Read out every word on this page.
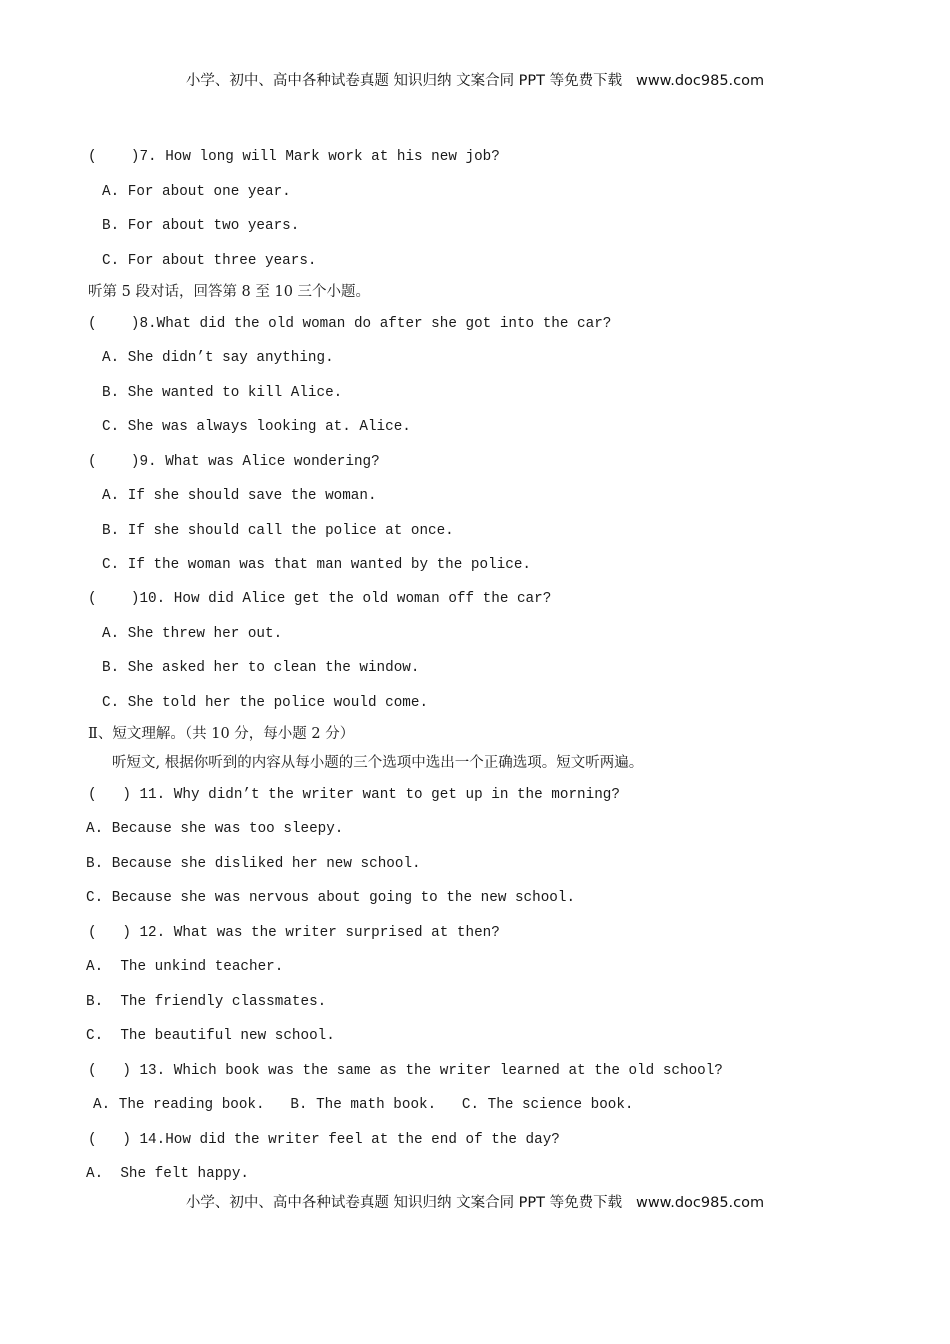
小学、初中、高中各种试卷真题 知识归纳 文案合同 PPT 等免费下载   www.doc985.com
(    )7. How long will Mark work at his new job?
A. For about one year.
B. For about two years.
C. For about three years.
听第 5 段对话，回答第 8 至 10 三个小题。
(    )8.What did the old woman do after she got into the car?
A. She didn’t say anything.
B. She wanted to kill Alice.
C. She was always looking at. Alice.
(    )9. What was Alice wondering?
A. If she should save the woman.
B. If she should call the police at once.
C. If the woman was that man wanted by the police.
(    )10. How did Alice get the old woman off the car?
A. She threw her out.
B. She asked her to clean the window.
C. She told her the police would come.
Ⅱ、短文理解。（共 10 分，每小题 2 分）
听短文, 根据你听到的内容从每小题的三个选项中选出一个正确选项。短文听两遍。
(   ) 11. Why didn’t the writer want to get up in the morning?
A. Because she was too sleepy.
B. Because she disliked her new school.
C. Because she was nervous about going to the new school.
(   ) 12. What was the writer surprised at then?
A.  The unkind teacher.
B.  The friendly classmates.
C.  The beautiful new school.
(   ) 13. Which book was the same as the writer learned at the old school?
A. The reading book.   B. The math book.   C. The science book.
(   ) 14.How did the writer feel at the end of the day?
A.  She felt happy.
小学、初中、高中各种试卷真题 知识归纳 文案合同 PPT 等免费下载   www.doc985.com
